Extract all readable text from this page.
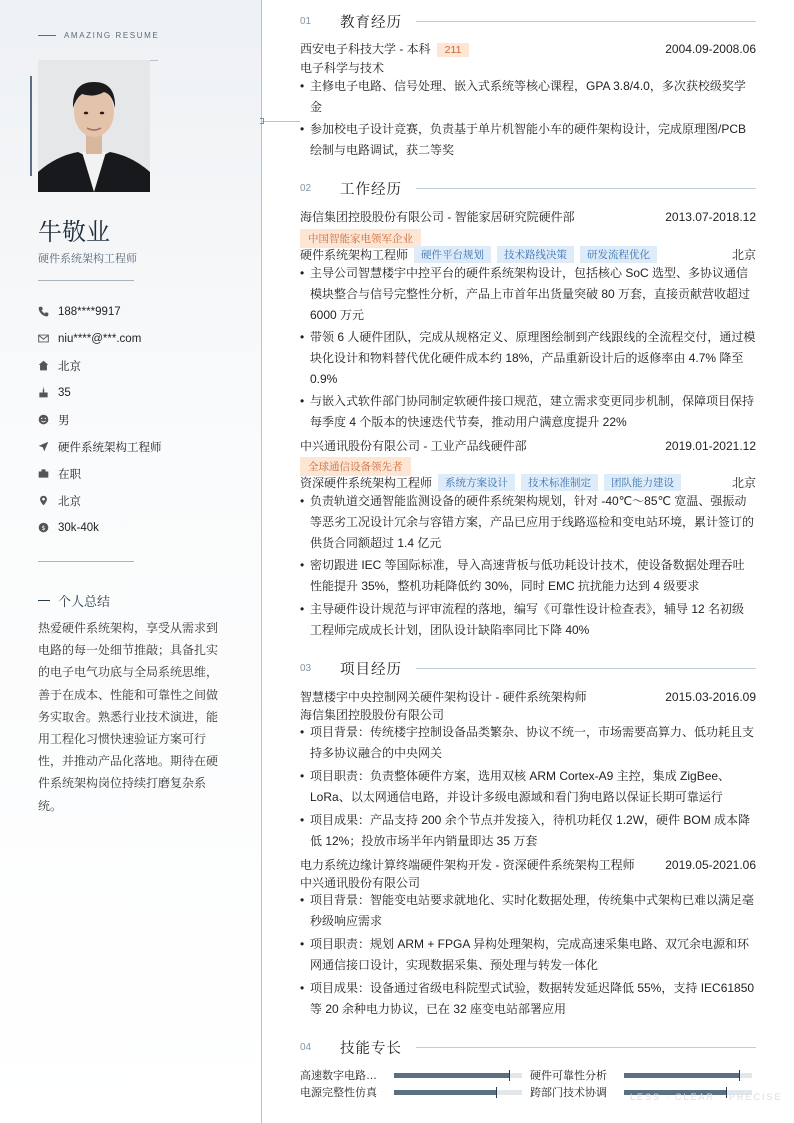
AMAZING RESUME
牛敬业
硬件系统架构工程师
188****9917
niu****@***.com
北京
35
男
硬件系统架构工程师
在职
北京
$ 30k-40k
个人总结
热爱硬件系统架构，享受从需求到电路的每一处细节推敲；具备扎实的电子电气功底与全局系统思维，善于在成本、性能和可靠性之间做务实取舍。熟悉行业技术演进，能用工程化习惯快速验证方案可行性，并推动产品化落地。期待在硬件系统架构岗位持续打磨复杂系统。
01	教育经历
西安电子科技大学 - 本科 211	2004.09-2008.06
电子科学与技术
• 主修电子电路、信号处理、嵌入式系统等核心课程，GPA 3.8/4.0，多次获校级奖学金
• 参加校电子设计竞赛，负责基于单片机智能小车的硬件架构设计，完成原理图/PCB绘制与电路调试，获二等奖
02	工作经历
海信集团控股股份有限公司 - 智能家居研究院硬件部	2013.07-2018.12
中国智能家电领军企业
硬件系统架构工程师	硬件平台规划	技术路线决策	研发流程优化	北京
• 主导公司智慧楼宇中控平台的硬件系统架构设计，包括核心 SoC 选型、多协议通信模块整合与信号完整性分析，产品上市首年出货量突破 80 万套，直接贡献营收超过 6000 万元
• 带领 6 人硬件团队，完成从规格定义、原理图绘制到产线跟线的全流程交付，通过模块化设计和物料替代优化硬件成本约 18%，产品重新设计后的返修率由 4.7% 降至 0.9%
• 与嵌入式软件部门协同制定软硬件接口规范，建立需求变更同步机制，保障项目保持每季度 4 个版本的快速迭代节奏，推动用户满意度提升 22%
中兴通讯股份有限公司 - 工业产品线硬件部	2019.01-2021.12
全球通信设备领先者
资深硬件系统架构工程师	系统方案设计	技术标准制定	团队能力建设	北京
• 负责轨道交通智能监测设备的硬件系统架构规划，针对 -40℃～85℃ 宽温、强振动等恶劣工况设计冗余与容错方案，产品已应用于线路巡检和变电站环境，累计签订的供货合同额超过 1.4 亿元
• 密切跟进 IEC 等国际标准，导入高速背板与低功耗设计技术，使设备数据处理吞吐性能提升 35%，整机功耗降低约 30%，同时 EMC 抗扰能力达到 4 级要求
• 主导硬件设计规范与评审流程的落地，编写《可靠性设计检查表》，辅导 12 名初级工程师完成成长计划，团队设计缺陷率同比下降 40%
03	项目经历
智慧楼宇中央控制网关硬件架构设计 - 硬件系统架构师	2015.03-2016.09
海信集团控股股份有限公司
• 项目背景：传统楼宇控制设备品类繁杂、协议不统一，市场需要高算力、低功耗且支持多协议融合的中央网关
• 项目职责：负责整体硬件方案，选用双核 ARM Cortex-A9 主控，集成 ZigBee、LoRa、以太网通信电路，并设计多级电源域和看门狗电路以保证长期可靠运行
• 项目成果：产品支持 200 余个节点并发接入，待机功耗仅 1.2W，硬件 BOM 成本降低 12%；投放市场半年内销量即达 35 万套
电力系统边缘计算终端硬件架构开发 - 资深硬件系统架构工程师	2019.05-2021.06
中兴通讯股份有限公司
• 项目背景：智能变电站要求就地化、实时化数据处理，传统集中式架构已难以满足毫秒级响应需求
• 项目职责：规划 ARM + FPGA 异构处理架构，完成高速采集电路、双冗余电源和环网通信接口设计，实现数据采集、预处理与转发一体化
• 项目成果：设备通过省级电科院型式试验，数据转发延迟降低 55%，支持 IEC61850 等 20 余种电力协议，已在 32 座变电站部署应用
04	技能专长
高速数字电路…	硬件可靠性分析
电源完整性仿真	跨部门技术协调	LESS · CLEAR · PRECISE
